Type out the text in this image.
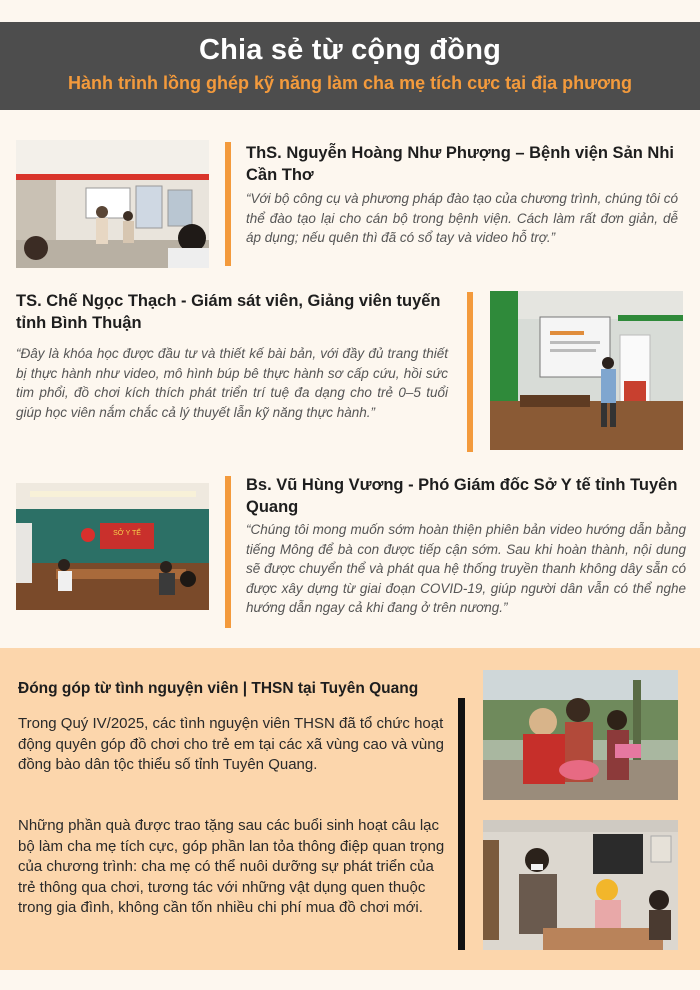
Chia sẻ từ cộng đồng
Hành trình lồng ghép kỹ năng làm cha mẹ tích cực tại địa phương
ThS. Nguyễn Hoàng Như Phượng – Bệnh viện Sản Nhi Cần Thơ
“Với bộ công cụ và phương pháp đào tạo của chương trình, chúng tôi có thể đào tạo lại cho cán bộ trong bệnh viện. Cách làm rất đơn giản, dễ áp dụng; nếu quên thì đã có sổ tay và video hỗ trợ.”
TS. Chế Ngọc Thạch - Giám sát viên, Giảng viên tuyến tỉnh Bình Thuận
“Đây là khóa học được đầu tư và thiết kế bài bản, với đầy đủ trang thiết bị thực hành như video, mô hình búp bê thực hành sơ cấp cứu, hồi sức tim phổi, đồ chơi kích thích phát triển trí tuệ đa dạng cho trẻ 0–5 tuổi giúp học viên nắm chắc cả lý thuyết lẫn kỹ năng thực hành.”
SỞ Y TẾ
Bs. Vũ Hùng Vương - Phó Giám đốc Sở Y tế tỉnh Tuyên Quang
“Chúng tôi mong muốn sớm hoàn thiện phiên bản video hướng dẫn bằng tiếng Mông để bà con được tiếp cận sớm. Sau khi hoàn thành, nội dung sẽ được chuyển thể và phát qua hệ thống truyền thanh không dây sẵn có được xây dựng từ giai đoạn COVID-19, giúp người dân vẫn có thể nghe hướng dẫn ngay cả khi đang ở trên nương.”
Đóng góp từ tình nguyện viên | THSN tại Tuyên Quang
Trong Quý IV/2025, các tình nguyện viên THSN đã tổ chức hoạt động quyên góp đồ chơi cho trẻ em tại các xã vùng cao và vùng đồng bào dân tộc thiểu số tỉnh Tuyên Quang.
Những phần quà được trao tặng sau các buổi sinh hoạt câu lạc bộ làm cha mẹ tích cực, góp phần lan tỏa thông điệp quan trọng của chương trình: cha mẹ có thể nuôi dưỡng sự phát triển của trẻ thông qua chơi, tương tác với những vật dụng quen thuộc trong gia đình, không cần tốn nhiều chi phí mua đồ chơi mới.
